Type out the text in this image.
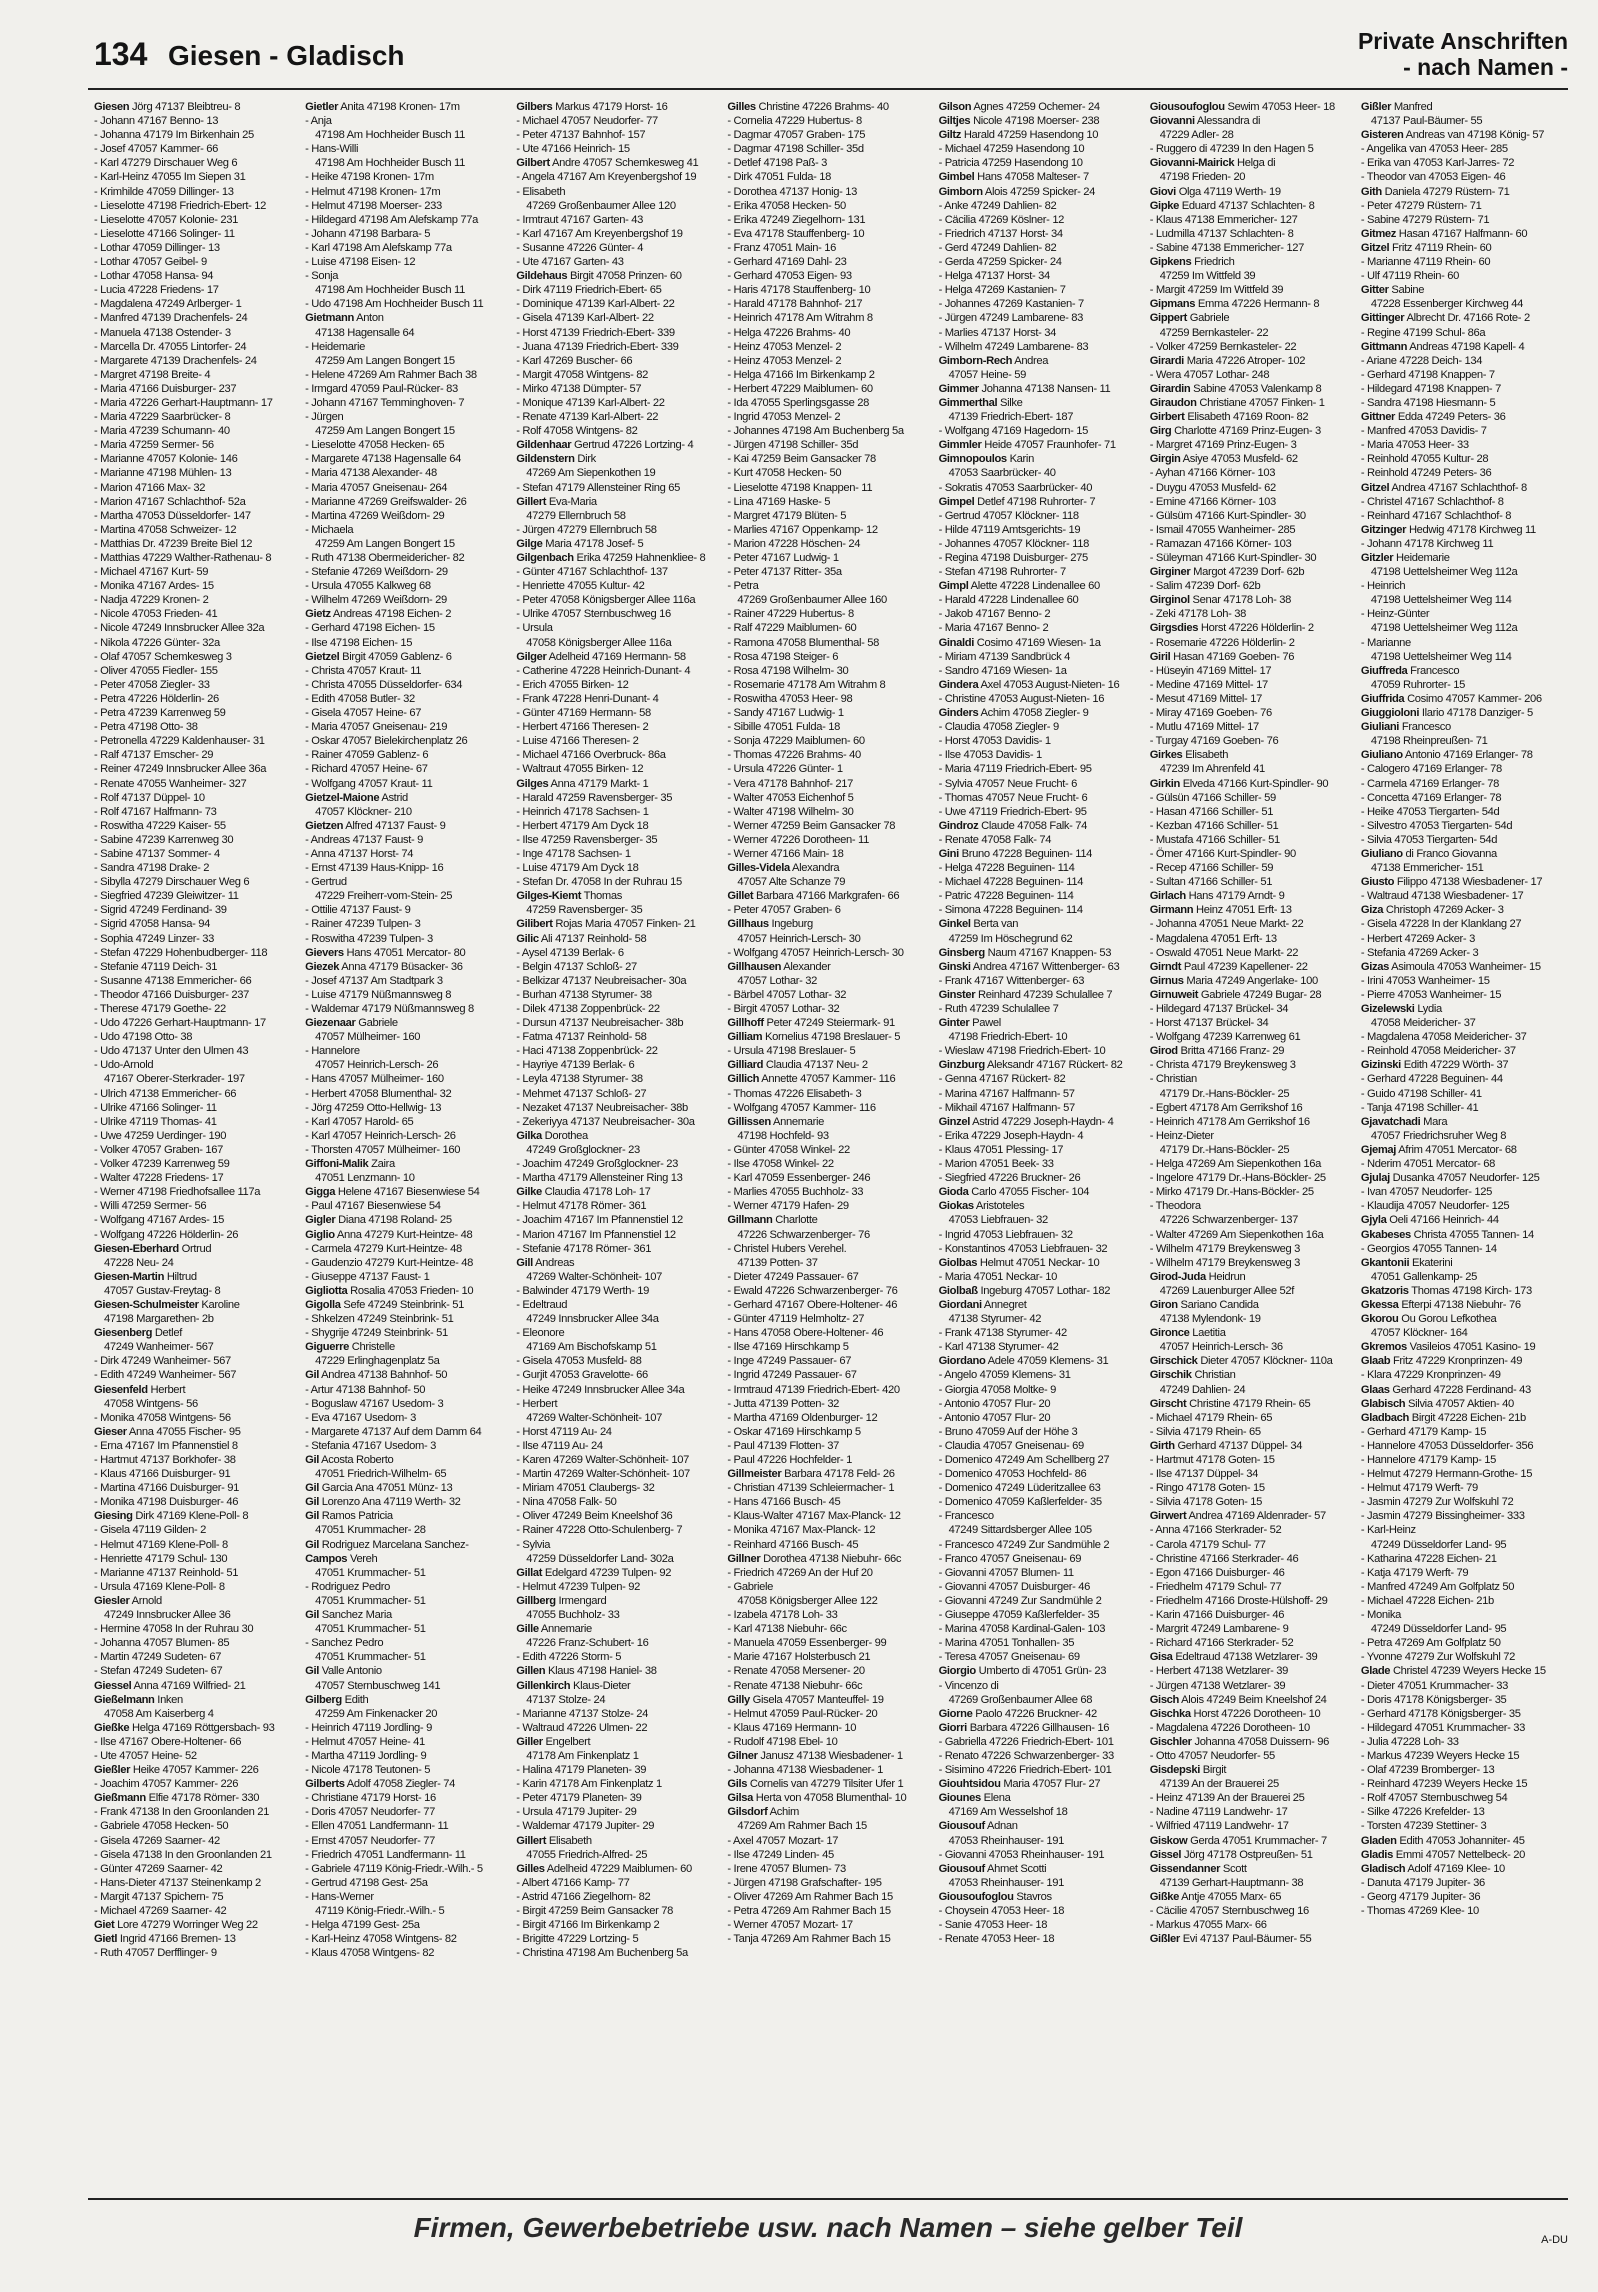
134 Giesen - Gladisch	Private Anschriften
- nach Namen -
Giesen Jörg 47137 Bleibtreu- 8
- Johann 47167 Benno- 13
- Johanna 47179 Im Birkenhain 25
- Josef 47057 Kammer- 66
- Karl 47279 Dirschauer Weg 6
- Karl-Heinz 47055 Im Siepen 31
- Krimhilde 47059 Dillinger- 13
- Lieselotte 47198 Friedrich-Ebert- 12
- Lieselotte 47057 Kolonie- 231
- Lieselotte 47166 Solinger- 11
- Lothar 47059 Dillinger- 13
- Lothar 47057 Geibel- 9
- Lothar 47058 Hansa- 94
- Lucia 47228 Friedens- 17
- Magdalena 47249 Arlberger- 1
- Manfred 47139 Drachenfels- 24
- Manuela 47138 Ostender- 3
- Marcella Dr. 47055 Lintorfer- 24
- Margarete 47139 Drachenfels- 24
- Margret 47198 Breite- 4
- Maria 47166 Duisburger- 237
- Maria 47226 Gerhart-Hauptmann- 17
- Maria 47229 Saarbrücker- 8
- Maria 47239 Schumann- 40
- Maria 47259 Sermer- 56
- Marianne 47057 Kolonie- 146
- Marianne 47198 Mühlen- 13
- Marion 47166 Max- 32
- Marion 47167 Schlachthof- 52a
- Martha 47053 Düsseldorfer- 147
- Martina 47058 Schweizer- 12
- Matthias Dr. 47239 Breite Biel 12
- Matthias 47229 Walther-Rathenau- 8
- Michael 47167 Kurt- 59
- Monika 47167 Ardes- 15
- Nadja 47229 Kronen- 2
- Nicole 47053 Frieden- 41
- Nicole 47249 Innsbrucker Allee 32a
- Nikola 47226 Günter- 32a
- Olaf 47057 Schemkesweg 3
- Oliver 47055 Fiedler- 155
- Peter 47058 Ziegler- 33
- Petra 47226 Hölderlin- 26
- Petra 47239 Karrenweg 59
- Petra 47198 Otto- 38
- Petronella 47229 Kaldenhauser- 31
- Ralf 47137 Emscher- 29
- Reiner 47249 Innsbrucker Allee 36a
- Renate 47055 Wanheimer- 327
- Rolf 47137 Düppel- 10
- Rolf 47167 Halfmann- 73
- Roswitha 47229 Kaiser- 55
- Sabine 47239 Karrenweg 30
- Sabine 47137 Sommer- 4
- Sandra 47198 Drake- 2
- Sibylla 47279 Dirschauer Weg 6
- Siegfried 47239 Gleiwitzer- 11
- Sigrid 47249 Ferdinand- 39
- Sigrid 47058 Hansa- 94
- Sophia 47249 Linzer- 33
- Stefan 47229 Hohenbudberger- 118
- Stefanie 47119 Deich- 31
- Susanne 47138 Emmericher- 66
- Theodor 47166 Duisburger- 237
- Therese 47179 Goethe- 22
- Udo 47226 Gerhart-Hauptmann- 17
- Udo 47198 Otto- 38
- Udo 47137 Unter den Ulmen 43
- Udo-Arnold
47167 Oberer-Sterkrader- 197
- Ulrich 47138 Emmericher- 66
- Ulrike 47166 Solinger- 11
- Ulrike 47119 Thomas- 41
- Uwe 47259 Uerdinger- 190
- Volker 47057 Graben- 167
- Volker 47239 Karrenweg 59
- Walter 47228 Friedens- 17
- Werner 47198 Friedhofsallee 117a
- Willi 47259 Sermer- 56
- Wolfgang 47167 Ardes- 15
- Wolfgang 47226 Hölderlin- 26
Giesen-Eberhard Ortrud
47228 Neu- 24
Giesen-Martin Hiltrud
47057 Gustav-Freytag- 8
Giesen-Schulmeister Karoline
47198 Margarethen- 2b
Giesenberg Detlef
47249 Wanheimer- 567
- Dirk 47249 Wanheimer- 567
- Edith 47249 Wanheimer- 567
Giesenfeld Herbert
47058 Wintgens- 56
- Monika 47058 Wintgens- 56
Gieser Anna 47055 Fischer- 95
- Erna 47167 Im Pfannenstiel 8
- Hartmut 47137 Borkhofer- 38
- Klaus 47166 Duisburger- 91
- Martina 47166 Duisburger- 91
- Monika 47198 Duisburger- 46
Giesing Dirk 47169 Klene-Poll- 8
- Gisela 47119 Gilden- 2
- Helmut 47169 Klene-Poll- 8
- Henriette 47179 Schul- 130
- Marianne 47137 Reinhold- 51
- Ursula 47169 Klene-Poll- 8
Giesler Arnold
47249 Innsbrucker Allee 36
- Hermine 47058 In der Ruhrau 30
- Johanna 47057 Blumen- 85
- Martin 47249 Sudeten- 67
- Stefan 47249 Sudeten- 67
Giessel Anna 47169 Wilfried- 21
Gießelmann Inken
47058 Am Kaiserberg 4
Gießke Helga 47169 Röttgersbach- 93
- Ilse 47167 Obere-Holtener- 66
- Ute 47057 Heine- 52
Gießler Heike 47057 Kammer- 226
- Joachim 47057 Kammer- 226
Gießmann Elfie 47178 Römer- 330
- Frank 47138 In den Groonlanden 21
- Gabriele 47058 Hecken- 50
- Gisela 47269 Saarner- 42
- Gisela 47138 In den Groonlanden 21
- Günter 47269 Saarner- 42
- Hans-Dieter 47137 Steinenkamp 2
- Margit 47137 Spichern- 75
- Michael 47269 Saarner- 42
Giet Lore 47279 Worringer Weg 22
Gietl Ingrid 47166 Bremen- 13
- Ruth 47057 Derfflinger- 9
Gietler Anita 47198 Kronen- 17m
- Anja
47198 Am Hochheider Busch 11
- Hans-Willi
47198 Am Hochheider Busch 11
- Heike 47198 Kronen- 17m
- Helmut 47198 Kronen- 17m
- Helmut 47198 Moerser- 233
- Hildegard 47198 Am Alefskamp 77a
- Johann 47198 Barbara- 5
- Karl 47198 Am Alefskamp 77a
- Luise 47198 Eisen- 12
- Sonja
47198 Am Hochheider Busch 11
- Udo 47198 Am Hochheider Busch 11
Gietmann Anton
47138 Hagensalle 64
- Heidemarie
47259 Am Langen Bongert 15
- Helene 47269 Am Rahmer Bach 38
- Irmgard 47059 Paul-Rücker- 83
- Johann 47167 Temminghoven- 7
- Jürgen
47259 Am Langen Bongert 15
- Lieselotte 47058 Hecken- 65
- Margarete 47138 Hagensalle 64
- Maria 47138 Alexander- 48
- Maria 47057 Gneisenau- 264
- Marianne 47269 Greifswalder- 26
- Martina 47269 Weißdorn- 29
- Michaela
47259 Am Langen Bongert 15
- Ruth 47138 Obermeidericher- 82
- Stefanie 47269 Weißdorn- 29
- Ursula 47055 Kalkweg 68
- Wilhelm 47269 Weißdorn- 29
Gietz Andreas 47198 Eichen- 2
- Gerhard 47198 Eichen- 15
- Ilse 47198 Eichen- 15
Gietzel Birgit 47059 Gablenz- 6
- Christa 47057 Kraut- 11
- Christa 47055 Düsseldorfer- 634
- Edith 47058 Butler- 32
- Gisela 47057 Heine- 67
- Maria 47057 Gneisenau- 219
- Oskar 47057 Bielekirchenplatz 26
- Rainer 47059 Gablenz- 6
- Richard 47057 Heine- 67
- Wolfgang 47057 Kraut- 11
Gietzel-Maione Astrid
47057 Klöckner- 210
Gietzen Alfred 47137 Faust- 9
- Andreas 47137 Faust- 9
- Anna 47137 Horst- 74
- Ernst 47139 Haus-Knipp- 16
- Gertrud
47229 Freiherr-vom-Stein- 25
- Ottilie 47137 Faust- 9
- Rainer 47239 Tulpen- 3
- Roswitha 47239 Tulpen- 3
Gievers Hans 47051 Mercator- 80
Giezek Anna 47179 Büsacker- 36
- Josef 47137 Am Stadtpark 3
- Luise 47179 Nüßmannsweg 8
- Waldemar 47179 Nüßmannsweg 8
Giezenaar Gabriele
47057 Mülheimer- 160
- Hannelore
47057 Heinrich-Lersch- 26
- Hans 47057 Mülheimer- 160
- Herbert 47058 Blumenthal- 32
- Jörg 47259 Otto-Hellwig- 13
- Karl 47057 Harold- 65
- Karl 47057 Heinrich-Lersch- 26
- Thorsten 47057 Mülheimer- 160
Giffoni-Malik Zaira
47051 Lenzmann- 10
Gigga Helene 47167 Biesenwiese 54
- Paul 47167 Biesenwiese 54
Gigler Diana 47198 Roland- 25
Giglio Anna 47279 Kurt-Heintze- 48
- Carmela 47279 Kurt-Heintze- 48
- Gaudenzio 47279 Kurt-Heintze- 48
- Giuseppe 47137 Faust- 1
Gigliotta Rosalia 47053 Frieden- 10
Gigolla Sefe 47249 Steinbrink- 51
- Shkelzen 47249 Steinbrink- 51
- Shygrije 47249 Steinbrink- 51
Giguerre Christelle
47229 Erlinghagenplatz 5a
Gil Andrea 47138 Bahnhof- 50
- Artur 47138 Bahnhof- 50
- Boguslaw 47167 Usedom- 3
- Eva 47167 Usedom- 3
- Margarete 47137 Auf dem Damm 64
- Stefania 47167 Usedom- 3
Gil Acosta Roberto
47051 Friedrich-Wilhelm- 65
Gil Garcia Ana 47051 Münz- 13
Gil Lorenzo Ana 47119 Werth- 32
Gil Ramos Patricia
47051 Krummacher- 28
Gil Rodriguez Marcelana Sanchez-
Campos Vereh
47051 Krummacher- 51
- Rodriguez Pedro
47051 Krummacher- 51
Gil Sanchez Maria
47051 Krummacher- 51
- Sanchez Pedro
47051 Krummacher- 51
Gil Valle Antonio
47057 Sternbuschweg 141
Gilberg Edith
47259 Am Finkenacker 20
- Heinrich 47119 Jordling- 9
- Helmut 47057 Heine- 41
- Martha 47119 Jordling- 9
- Nicole 47178 Teutonen- 5
Gilberts Adolf 47058 Ziegler- 74
- Christiane 47179 Horst- 16
- Doris 47057 Neudorfer- 77
- Ellen 47051 Landfermann- 11
- Ernst 47057 Neudorfer- 77
- Friedrich 47051 Landfermann- 11
- Gabriele 47119 König-Friedr.-Wilh.- 5
- Gertrud 47198 Gest- 25a
- Hans-Werner
47119 König-Friedr.-Wilh.- 5
- Helga 47199 Gest- 25a
- Karl-Heinz 47058 Wintgens- 82
- Klaus 47058 Wintgens- 82
Gilbers Markus 47179 Horst- 16
- Michael 47057 Neudorfer- 77
- Peter 47137 Bahnhof- 157
- Ute 47166 Heinrich- 15
Gilbert Andre 47057 Schemkesweg 41
- Angela 47167 Am Kreyenbergshof 19
- Elisabeth
47269 Großenbaumer Allee 120
- Irmtraut 47167 Garten- 43
- Karl 47167 Am Kreyenbergshof 19
- Susanne 47226 Günter- 4
- Ute 47167 Garten- 43
Gildehaus Birgit 47058 Prinzen- 60
- Dirk 47119 Friedrich-Ebert- 65
- Dominique 47139 Karl-Albert- 22
- Gisela 47139 Karl-Albert- 22
- Horst 47139 Friedrich-Ebert- 339
- Juana 47139 Friedrich-Ebert- 339
- Karl 47269 Buscher- 66
- Margit 47058 Wintgens- 82
- Mirko 47138 Dümpter- 57
- Monique 47139 Karl-Albert- 22
- Renate 47139 Karl-Albert- 22
- Rolf 47058 Wintgens- 82
Gildenhaar Gertrud 47226 Lortzing- 4
Gildenstern Dirk
47269 Am Siepenkothen 19
- Stefan 47179 Allensteiner Ring 65
Gillert Eva-Maria
47279 Ellernbruch 58
- Jürgen 47279 Ellernbruch 58
Gilge Maria 47178 Josef- 5
Gilgenbach Erika 47259 Hahnenkliee- 8
- Günter 47167 Schlachthof- 137
- Henriette 47055 Kultur- 42
- Peter 47058 Königsberger Allee 116a
- Ulrike 47057 Sternbuschweg 16
- Ursula
47058 Königsberger Allee 116a
Gilger Adelheid 47169 Hermann- 58
- Catherine 47228 Heinrich-Dunant- 4
- Erich 47055 Birken- 12
- Frank 47228 Henri-Dunant- 4
- Günter 47169 Hermann- 58
- Herbert 47166 Theresen- 2
- Luise 47166 Theresen- 2
- Michael 47166 Overbruck- 86a
- Waltraut 47055 Birken- 12
Gilges Anna 47179 Markt- 1
- Harald 47259 Ravensberger- 35
- Heinrich 47178 Sachsen- 1
- Herbert 47179 Am Dyck 18
- Ilse 47259 Ravensberger- 35
- Inge 47178 Sachsen- 1
- Luise 47179 Am Dyck 18
- Stefan Dr. 47058 In der Ruhrau 15
Gilges-Kiemt Thomas
47259 Ravensberger- 35
Gilibert Rojas Maria 47057 Finken- 21
Gilic Ali 47137 Reinhold- 58
- Aysel 47139 Berlak- 6
- Belgin 47137 Schloß- 27
- Belkizar 47137 Neubreisacher- 30a
- Burhan 47138 Styrumer- 38
- Dilek 47138 Zoppenbrück- 22
- Dursun 47137 Neubreisacher- 38b
- Fatma 47137 Reinhold- 58
- Haci 47138 Zoppenbrück- 22
- Hayriye 47139 Berlak- 6
- Leyla 47138 Styrumer- 38
- Mehmet 47137 Schloß- 27
- Nezaket 47137 Neubreisacher- 38b
- Zekeriyya 47137 Neubreisacher- 30a
Gilka Dorothea
47249 Großglockner- 23
- Joachim 47249 Großglockner- 23
- Martha 47179 Allensteiner Ring 13
Gilke Claudia 47178 Loh- 17
- Helmut 47178 Römer- 361
- Joachim 47167 Im Pfannenstiel 12
- Marion 47167 Im Pfannenstiel 12
- Stefanie 47178 Römer- 361
Gill Andreas
47269 Walter-Schönheit- 107
- Balwinder 47179 Werth- 19
- Edeltraud
47249 Innsbrucker Allee 34a
- Eleonore
47169 Am Bischofskamp 51
- Gisela 47053 Musfeld- 88
- Gurjit 47053 Gravelotte- 66
- Heike 47249 Innsbrucker Allee 34a
- Herbert
47269 Walter-Schönheit- 107
- Horst 47119 Au- 24
- Ilse 47119 Au- 24
- Karen 47269 Walter-Schönheit- 107
- Martin 47269 Walter-Schönheit- 107
- Miriam 47051 Claubergs- 32
- Nina 47058 Falk- 50
- Oliver 47249 Beim Kneelshof 36
- Rainer 47228 Otto-Schulenberg- 7
- Sylvia
47259 Düsseldorfer Land- 302a
Gillat Edelgard 47239 Tulpen- 92
- Helmut 47239 Tulpen- 92
Gillberg Irmengard
47055 Buchholz- 33
Gille Annemarie
47226 Franz-Schubert- 16
- Edith 47226 Storm- 5
Gillen Klaus 47198 Haniel- 38
Gillenkirch Klaus-Dieter
47137 Stolze- 24
- Marianne 47137 Stolze- 24
- Waltraud 47226 Ulmen- 22
Giller Engelbert
47178 Am Finkenplatz 1
- Halina 47179 Planeten- 39
- Karin 47178 Am Finkenplatz 1
- Peter 47179 Planeten- 39
- Ursula 47179 Jupiter- 29
- Waldemar 47179 Jupiter- 29
Gillert Elisabeth
47055 Friedrich-Alfred- 25
Gilles Adelheid 47229 Maiblumen- 60
- Albert 47166 Kamp- 77
- Astrid 47166 Ziegelhorn- 82
- Birgit 47259 Beim Gansacker 78
- Birgit 47166 Im Birkenkamp 2
- Brigitte 47229 Lortzing- 5
- Christina 47198 Am Buchenberg 5a
Gilles Christine 47226 Brahms- 40
- Cornelia 47229 Hubertus- 8
- Dagmar 47057 Graben- 175
- Dagmar 47198 Schiller- 35d
- Detlef 47198 Paß- 3
- Dirk 47051 Fulda- 18
- Dorothea 47137 Honig- 13
- Erika 47058 Hecken- 50
- Erika 47249 Ziegelhorn- 131
- Eva 47178 Stauffenberg- 10
- Franz 47051 Main- 16
- Gerhard 47169 Dahl- 23
- Gerhard 47053 Eigen- 93
- Haris 47178 Stauffenberg- 10
- Harald 47178 Bahnhof- 217
- Heinrich 47178 Am Witrahm 8
- Helga 47226 Brahms- 40
- Heinz 47053 Menzel- 2
- Heinz 47053 Menzel- 2
- Helga 47166 Im Birkenkamp 2
- Herbert 47229 Maiblumen- 60
- Ida 47055 Sperlingsgasse 28
- Ingrid 47053 Menzel- 2
- Johannes 47198 Am Buchenberg 5a
- Jürgen 47198 Schiller- 35d
- Kai 47259 Beim Gansacker 78
- Kurt 47058 Hecken- 50
- Lieselotte 47198 Knappen- 11
- Lina 47169 Haske- 5
- Margret 47179 Blüten- 5
- Marlies 47167 Oppenkamp- 12
- Marion 47228 Höschen- 24
- Peter 47167 Ludwig- 1
- Peter 47137 Ritter- 35a
- Petra
47269 Großenbaumer Allee 160
- Rainer 47229 Hubertus- 8
- Ralf 47229 Maiblumen- 60
- Ramona 47058 Blumenthal- 58
- Rosa 47198 Steiger- 6
- Rosa 47198 Wilhelm- 30
- Rosemarie 47178 Am Witrahm 8
- Roswitha 47053 Heer- 98
- Sandy 47167 Ludwig- 1
- Sibille 47051 Fulda- 18
- Sonja 47229 Maiblumen- 60
- Thomas 47226 Brahms- 40
- Ursula 47226 Günter- 1
- Vera 47178 Bahnhof- 217
- Walter 47053 Eichenhof 5
- Walter 47198 Wilhelm- 30
- Werner 47259 Beim Gansacker 78
- Werner 47226 Dorotheen- 11
- Werner 47166 Main- 18
Gilles-Videla Alexandra
47057 Alte Schanze 79
Gillet Barbara 47166 Markgrafen- 66
- Peter 47057 Graben- 6
Gillhaus Ingeburg
47057 Heinrich-Lersch- 30
- Wolfgang 47057 Heinrich-Lersch- 30
Gillhausen Alexander
47057 Lothar- 32
- Bärbel 47057 Lothar- 32
- Birgit 47057 Lothar- 32
Gillhoff Peter 47249 Steiermark- 91
Gilliam Kornelius 47198 Breslauer- 5
- Ursula 47198 Breslauer- 5
Gilliard Claudia 47137 Neu- 2
Gillich Annette 47057 Kammer- 116
- Thomas 47226 Elisabeth- 3
- Wolfgang 47057 Kammer- 116
Gillissen Annemarie
47198 Hochfeld- 93
- Günter 47058 Winkel- 22
- Ilse 47058 Winkel- 22
- Karl 47059 Essenberger- 246
- Marlies 47055 Buchholz- 33
- Werner 47179 Hafen- 29
Gillmann Charlotte
47226 Schwarzenberger- 76
- Christel Hubers Verehel.
47139 Potten- 37
- Dieter 47249 Passauer- 67
- Ewald 47226 Schwarzenberger- 76
- Gerhard 47167 Obere-Holtener- 46
- Günter 47119 Helmholtz- 27
- Hans 47058 Obere-Holtener- 46
- Ilse 47169 Hirschkamp 5
- Inge 47249 Passauer- 67
- Ingrid 47249 Passauer- 67
- Irmtraud 47139 Friedrich-Ebert- 420
- Jutta 47139 Potten- 32
- Martha 47169 Oldenburger- 12
- Oskar 47169 Hirschkamp 5
- Paul 47139 Flotten- 37
- Paul 47226 Hochfelder- 1
Gillmeister Barbara 47178 Feld- 26
- Christian 47139 Schleiermacher- 1
- Hans 47166 Busch- 45
- Klaus-Walter 47167 Max-Planck- 12
- Monika 47167 Max-Planck- 12
- Reinhard 47166 Busch- 45
Gillner Dorothea 47138 Niebuhr- 66c
- Friedrich 47269 An der Huf 20
- Gabriele
47058 Königsberger Allee 122
- Izabela 47178 Loh- 33
- Karl 47138 Niebuhr- 66c
- Manuela 47059 Essenberger- 99
- Marie 47167 Holsterbusch 21
- Renate 47058 Mersener- 20
- Renate 47138 Niebuhr- 66c
Gilly Gisela 47057 Manteuffel- 19
- Helmut 47059 Paul-Rücker- 20
- Klaus 47169 Hermann- 10
- Rudolf 47198 Ebel- 10
Gilner Janusz 47138 Wiesbadener- 1
- Johanna 47138 Wiesbadener- 1
Gils Cornelis van 47279 Tilsiter Ufer 1
Gilsa Herta von 47058 Blumenthal- 10
Gilsdorf Achim
47269 Am Rahmer Bach 15
- Axel 47057 Mozart- 17
- Ilse 47249 Linden- 45
- Irene 47057 Blumen- 73
- Jürgen 47198 Grafschafter- 195
- Oliver 47269 Am Rahmer Bach 15
- Petra 47269 Am Rahmer Bach 15
- Werner 47057 Mozart- 17
- Tanja 47269 Am Rahmer Bach 15
Gilson Agnes 47259 Ochemer- 24
Giltjes Nicole 47198 Moerser- 238
Giltz Harald 47259 Hasendong 10
- Michael 47259 Hasendong 10
- Patricia 47259 Hasendong 10
Gimbel Hans 47058 Malteser- 7
Gimborn Alois 47259 Spicker- 24
- Anke 47249 Dahlien- 82
- Cäcilia 47269 Köslner- 12
- Friedrich 47137 Horst- 34
- Gerd 47249 Dahlien- 82
- Gerda 47259 Spicker- 24
- Helga 47137 Horst- 34
- Helga 47269 Kastanien- 7
- Johannes 47269 Kastanien- 7
- Jürgen 47249 Lambarene- 83
- Marlies 47137 Horst- 34
- Wilhelm 47249 Lambarene- 83
Gimborn-Rech Andrea
47057 Heine- 59
Gimmer Johanna 47138 Nansen- 11
Gimmerthal Silke
47139 Friedrich-Ebert- 187
- Wolfgang 47169 Hagedorn- 15
Gimmler Heide 47057 Fraunhofer- 71
Gimnopoulos Karin
47053 Saarbrücker- 40
- Sokratis 47053 Saarbrücker- 40
Gimpel Detlef 47198 Ruhrorter- 7
- Gertrud 47057 Klöckner- 118
- Hilde 47119 Amtsgerichts- 19
- Johannes 47057 Klöckner- 118
- Regina 47198 Duisburger- 275
- Stefan 47198 Ruhrorter- 7
Gimpl Alette 47228 Lindenallee 60
- Harald 47228 Lindenallee 60
- Jakob 47167 Benno- 2
- Maria 47167 Benno- 2
Ginaldi Cosimo 47169 Wiesen- 1a
- Miriam 47139 Sandbrück 4
- Sandro 47169 Wiesen- 1a
Gindera Axel 47053 August-Nieten- 16
- Christine 47053 August-Nieten- 16
Ginders Achim 47058 Ziegler- 9
- Claudia 47058 Ziegler- 9
- Horst 47053 Davidis- 1
- Ilse 47053 Davidis- 1
- Maria 47119 Friedrich-Ebert- 95
- Sylvia 47057 Neue Frucht- 6
- Thomas 47057 Neue Frucht- 6
- Uwe 47119 Friedrich-Ebert- 95
Gindroz Claude 47058 Falk- 74
- Renate 47058 Falk- 74
Gini Bruno 47228 Beguinen- 114
- Helga 47228 Beguinen- 114
- Michael 47228 Beguinen- 114
- Patric 47228 Beguinen- 114
- Simona 47228 Beguinen- 114
Ginkel Berta van
47259 Im Höschegrund 62
Ginsberg Naum 47167 Knappen- 53
Ginski Andrea 47167 Wittenberger- 63
- Frank 47167 Wittenberger- 63
Ginster Reinhard 47239 Schulallee 7
- Ruth 47239 Schulallee 7
Ginter Pawel
47198 Friedrich-Ebert- 10
- Wieslaw 47198 Friedrich-Ebert- 10
Ginzburg Aleksandr 47167 Rückert- 82
- Genna 47167 Rückert- 82
- Marina 47167 Halfmann- 57
- Mikhail 47167 Halfmann- 57
Ginzel Astrid 47229 Joseph-Haydn- 4
- Erika 47229 Joseph-Haydn- 4
- Klaus 47051 Plessing- 17
- Marion 47051 Beek- 33
- Siegfried 47226 Bruckner- 26
Gioda Carlo 47055 Fischer- 104
Giokas Aristoteles
47053 Liebfrauen- 32
- Ingrid 47053 Liebfrauen- 32
- Konstantinos 47053 Liebfrauen- 32
Giolbas Helmut 47051 Neckar- 10
- Maria 47051 Neckar- 10
Giolbaß Ingeburg 47057 Lothar- 182
Giordani Annegret
47138 Styrumer- 42
- Frank 47138 Styrumer- 42
- Karl 47138 Styrumer- 42
Giordano Adele 47059 Klemens- 31
- Angelo 47059 Klemens- 31
- Giorgia 47058 Moltke- 9
- Antonio 47057 Flur- 20
- Antonio 47057 Flur- 20
- Bruno 47059 Auf der Höhe 3
- Claudia 47057 Gneisenau- 69
- Domenico 47249 Am Schellberg 27
- Domenico 47053 Hochfeld- 86
- Domenico 47249 Lüderitzallee 63
- Domenico 47059 Kaßlerfelder- 35
- Francesco
47249 Sittardsberger Allee 105
- Francesco 47249 Zur Sandmühle 2
- Franco 47057 Gneisenau- 69
- Giovanni 47057 Blumen- 11
- Giovanni 47057 Duisburger- 46
- Giovanni 47249 Zur Sandmühle 2
- Giuseppe 47059 Kaßlerfelder- 35
- Marina 47058 Kardinal-Galen- 103
- Marina 47051 Tonhallen- 35
- Teresa 47057 Gneisenau- 69
Giorgio Umberto di 47051 Grün- 23
- Vincenzo di
47269 Großenbaumer Allee 68
Giorne Paolo 47226 Bruckner- 42
Giorri Barbara 47226 Gillhausen- 16
- Gabriella 47226 Friedrich-Ebert- 101
- Renato 47226 Schwarzenberger- 33
- Sisimino 47226 Friedrich-Ebert- 101
Giouhtsidou Maria 47057 Flur- 27
Giounes Elena
47169 Am Wesselshof 18
Giousouf Adnan
47053 Rheinhauser- 191
- Giovanni 47053 Rheinhauser- 191
Giousouf Ahmet Scotti
47053 Rheinhauser- 191
Giousoufoglou Stavros
- Choysein 47053 Heer- 18
- Sanie 47053 Heer- 18
- Renate 47053 Heer- 18
Giousoufoglou Sewim 47053 Heer- 18
Giovanni Alessandra di
47229 Adler- 28
- Ruggero di 47239 In den Hagen 5
Giovanni-Mairick Helga di
47198 Frieden- 20
Giovi Olga 47119 Werth- 19
Gipke Eduard 47137 Schlachten- 8
- Klaus 47138 Emmericher- 127
- Ludmilla 47137 Schlachten- 8
- Sabine 47138 Emmericher- 127
Gipkens Friedrich
47259 Im Wittfeld 39
- Margit 47259 Im Wittfeld 39
Gipmans Emma 47226 Hermann- 8
Gippert Gabriele
47259 Bernkasteler- 22
- Volker 47259 Bernkasteler- 22
Girardi Maria 47226 Atroper- 102
- Wera 47057 Lothar- 248
Girardin Sabine 47053 Valenkamp 8
Giraudon Christiane 47057 Finken- 1
Girbert Elisabeth 47169 Roon- 82
Girg Charlotte 47169 Prinz-Eugen- 3
- Margret 47169 Prinz-Eugen- 3
Girgin Asiye 47053 Musfeld- 62
- Ayhan 47166 Körner- 103
- Duygu 47053 Musfeld- 62
- Emine 47166 Körner- 103
- Gülsüm 47166 Kurt-Spindler- 30
- Ismail 47055 Wanheimer- 285
- Ramazan 47166 Körner- 103
- Süleyman 47166 Kurt-Spindler- 30
Girginer Margot 47239 Dorf- 62b
- Salim 47239 Dorf- 62b
Girginol Senar 47178 Loh- 38
- Zeki 47178 Loh- 38
Girgsdies Horst 47226 Hölderlin- 2
- Rosemarie 47226 Hölderlin- 2
Giril Hasan 47169 Goeben- 76
- Hüseyin 47169 Mittel- 17
- Medine 47169 Mittel- 17
- Mesut 47169 Mittel- 17
- Miray 47169 Goeben- 76
- Mutlu 47169 Mittel- 17
- Turgay 47169 Goeben- 76
Girkes Elisabeth
47239 Im Ahrenfeld 41
Girkin Elveda 47166 Kurt-Spindler- 90
- Gülsün 47166 Schiller- 59
- Hasan 47166 Schiller- 51
- Kezban 47166 Schiller- 51
- Mustafa 47166 Schiller- 51
- Ömer 47166 Kurt-Spindler- 90
- Recep 47166 Schiller- 59
- Sultan 47166 Schiller- 51
Girlach Hans 47179 Arndt- 9
Girmann Heinz 47051 Erft- 13
- Johanna 47051 Neue Markt- 22
- Magdalena 47051 Erft- 13
- Oswald 47051 Neue Markt- 22
Girndt Paul 47239 Kapellener- 22
Girnus Maria 47249 Angerlake- 100
Girnuweit Gabriele 47249 Bugar- 28
- Hildegard 47137 Brückel- 34
- Horst 47137 Brückel- 34
- Wolfgang 47239 Karrenweg 61
Girod Britta 47166 Franz- 29
- Christa 47179 Breykensweg 3
- Christian
47179 Dr.-Hans-Böckler- 25
- Egbert 47178 Am Gerrikshof 16
- Heinrich 47178 Am Gerrikshof 16
- Heinz-Dieter
47179 Dr.-Hans-Böckler- 25
- Helga 47269 Am Siepenkothen 16a
- Ingelore 47179 Dr.-Hans-Böckler- 25
- Mirko 47179 Dr.-Hans-Böckler- 25
- Theodora
47226 Schwarzenberger- 137
- Walter 47269 Am Siepenkothen 16a
- Wilhelm 47179 Breykensweg 3
- Wilhelm 47179 Breykensweg 3
Girod-Juda Heidrun
47269 Lauenburger Allee 52f
Giron Sariano Candida
47138 Mylendonk- 19
Gironce Laetitia
47057 Heinrich-Lersch- 36
Girschick Dieter 47057 Klöckner- 110a
Girschik Christian
47249 Dahlien- 24
Girscht Christine 47179 Rhein- 65
- Michael 47179 Rhein- 65
- Silvia 47179 Rhein- 65
Girth Gerhard 47137 Düppel- 34
- Hartmut 47178 Goten- 15
- Ilse 47137 Düppel- 34
- Ringo 47178 Goten- 15
- Silvia 47178 Goten- 15
Girwert Andrea 47169 Aldenrader- 57
- Anna 47166 Sterkrader- 52
- Carola 47179 Schul- 77
- Christine 47166 Sterkrader- 46
- Egon 47166 Duisburger- 46
- Friedhelm 47179 Schul- 77
- Friedhelm 47166 Droste-Hülshoff- 29
- Karin 47166 Duisburger- 46
- Margrit 47249 Lambarene- 9
- Richard 47166 Sterkrader- 52
Gisa Edeltraud 47138 Wetzlarer- 39
- Herbert 47138 Wetzlarer- 39
- Jürgen 47138 Wetzlarer- 39
Gisch Alois 47249 Beim Kneelshof 24
Gischka Horst 47226 Dorotheen- 10
- Magdalena 47226 Dorotheen- 10
Gischler Johanna 47058 Duissern- 96
- Otto 47057 Neudorfer- 55
Gisdepski Birgit
47139 An der Brauerei 25
- Heinz 47139 An der Brauerei 25
- Nadine 47119 Landwehr- 17
- Wilfried 47119 Landwehr- 17
Giskow Gerda 47051 Krummacher- 7
Gissel Jörg 47178 Ostpreußen- 51
Gissendanner Scott
47139 Gerhart-Hauptmann- 38
Gißke Antje 47055 Marx- 65
- Cäcilie 47057 Sternbuschweg 16
- Markus 47055 Marx- 66
Gißler Evi 47137 Paul-Bäumer- 55
Gißler Manfred
47137 Paul-Bäumer- 55
Gisteren Andreas van 47198 König- 57
- Angelika van 47053 Heer- 285
- Erika van 47053 Karl-Jarres- 72
- Theodor van 47053 Eigen- 46
Gith Daniela 47279 Rüstern- 71
- Peter 47279 Rüstern- 71
- Sabine 47279 Rüstern- 71
Gitmez Hasan 47167 Halfmann- 60
Gitzel Fritz 47119 Rhein- 60
- Marianne 47119 Rhein- 60
- Ulf 47119 Rhein- 60
Gitter Sabine
47228 Essenberger Kirchweg 44
Gittinger Albrecht Dr. 47166 Rote- 2
- Regine 47199 Schul- 86a
Gittmann Andreas 47198 Kapell- 4
- Ariane 47228 Deich- 134
- Gerhard 47198 Knappen- 7
- Hildegard 47198 Knappen- 7
- Sandra 47198 Hiesmann- 5
Gittner Edda 47249 Peters- 36
- Manfred 47053 Davidis- 7
- Maria 47053 Heer- 33
- Reinhold 47055 Kultur- 28
- Reinhold 47249 Peters- 36
Gitzel Andrea 47167 Schlachthof- 8
- Christel 47167 Schlachthof- 8
- Reinhard 47167 Schlachthof- 8
Gitzinger Hedwig 47178 Kirchweg 11
- Johann 47178 Kirchweg 11
Gitzler Heidemarie
47198 Uettelsheimer Weg 112a
- Heinrich
47198 Uettelsheimer Weg 114
- Heinz-Günter
47198 Uettelsheimer Weg 112a
- Marianne
47198 Uettelsheimer Weg 114
Giuffreda Francesco
47059 Ruhrorter- 15
Giuffrida Cosimo 47057 Kammer- 206
Giuggioloni Ilario 47178 Danziger- 5
Giuliani Francesco
47198 Rheinpreußen- 71
Giuliano Antonio 47169 Erlanger- 78
- Calogero 47169 Erlanger- 78
- Carmela 47169 Erlanger- 78
- Concetta 47169 Erlanger- 78
- Heike 47053 Tiergarten- 54d
- Silvestro 47053 Tiergarten- 54d
- Silvia 47053 Tiergarten- 54d
Giuliano di Franco Giovanna
47138 Emmericher- 151
Giusto Filippo 47138 Wiesbadener- 17
- Waltraud 47138 Wiesbadener- 17
Giza Christoph 47269 Acker- 3
- Gisela 47228 In der Klanklang 27
- Herbert 47269 Acker- 3
- Stefania 47269 Acker- 3
Gizas Asimoula 47053 Wanheimer- 15
- Irini 47053 Wanheimer- 15
- Pierre 47053 Wanheimer- 15
Gizelewski Lydia
47058 Meidericher- 37
- Magdalena 47058 Meidericher- 37
- Reinhold 47058 Meidericher- 37
Gizinski Edith 47229 Wörth- 37
- Gerhard 47228 Beguinen- 44
- Guido 47198 Schiller- 41
- Tanja 47198 Schiller- 41
Gjavatchadi Mara
47057 Friedrichsruher Weg 8
Gjemaj Afrim 47051 Mercator- 68
- Nderim 47051 Mercator- 68
Gjulaj Dusanka 47057 Neudorfer- 125
- Ivan 47057 Neudorfer- 125
- Klaudija 47057 Neudorfer- 125
Gjyla Oeli 47166 Heinrich- 44
Gkabeses Christa 47055 Tannen- 14
- Georgios 47055 Tannen- 14
Gkantonii Ekaterini
47051 Gallenkamp- 25
Gkatzoris Thomas 47198 Kirch- 173
Gkessa Efterpi 47138 Niebuhr- 76
Gkorou Ou Gorou Lefkothea
47057 Klöckner- 164
Gkremos Vasileios 47051 Kasino- 19
Glaab Fritz 47229 Kronprinzen- 49
- Klara 47229 Kronprinzen- 49
Glaas Gerhard 47228 Ferdinand- 43
Glabisch Silvia 47057 Aktien- 40
Gladbach Birgit 47228 Eichen- 21b
- Gerhard 47179 Kamp- 15
- Hannelore 47053 Düsseldorfer- 356
- Hannelore 47179 Kamp- 15
- Helmut 47279 Hermann-Grothe- 15
- Helmut 47179 Werft- 79
- Jasmin 47279 Zur Wolfskuhl 72
- Jasmin 47279 Bissingheimer- 333
- Karl-Heinz
47249 Düsseldorfer Land- 95
- Katharina 47228 Eichen- 21
- Katja 47179 Werft- 79
- Manfred 47249 Am Golfplatz 50
- Michael 47228 Eichen- 21b
- Monika
47249 Düsseldorfer Land- 95
- Petra 47269 Am Golfplatz 50
- Yvonne 47279 Zur Wolfskuhl 72
Glade Christel 47239 Weyers Hecke 15
- Dieter 47051 Krummacher- 33
- Doris 47178 Königsberger- 35
- Gerhard 47178 Königsberger- 35
- Hildegard 47051 Krummacher- 33
- Julia 47228 Loh- 33
- Markus 47239 Weyers Hecke 15
- Olaf 47239 Bromberger- 13
- Reinhard 47239 Weyers Hecke 15
- Rolf 47057 Sternbuschweg 54
- Silke 47226 Krefelder- 13
- Torsten 47239 Stettiner- 3
Gladen Edith 47053 Johanniter- 45
Gladis Emmi 47057 Nettelbeck- 20
Gladisch Adolf 47169 Klee- 10
- Danuta 47179 Jupiter- 36
- Georg 47179 Jupiter- 36
- Thomas 47269 Klee- 10
Firmen, Gewerbebetriebe usw. nach Namen – siehe gelber Teil	A-DU
